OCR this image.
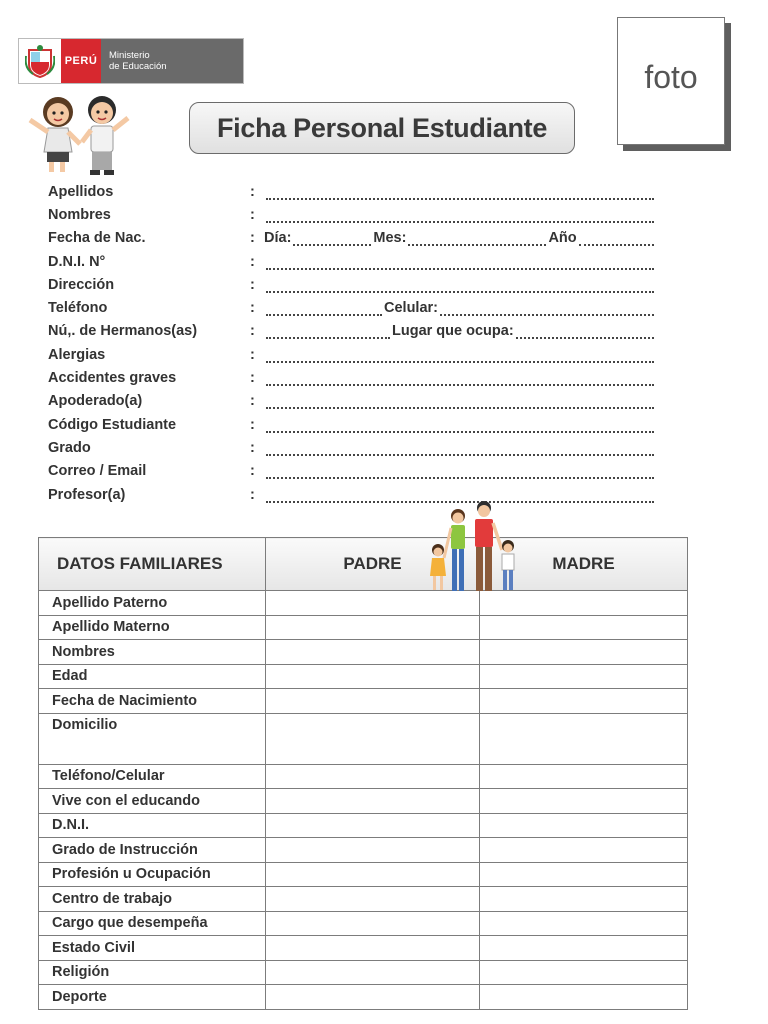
PERÚ	Ministerio
de Educación
Ficha Personal Estudiante
foto
Apellidos	:
Nombres	:
Fecha de Nac.	: Día:	Mes:	Año
D.N.I. N°	:
Dirección	:
Teléfono	:	Celular:
Nú,. de Hermanos(as)	:	Lugar que ocupa:
Alergias	:
Accidentes graves	:
Apoderado(a)	:
Código Estudiante	:
Grado	:
Correo / Email	:
Profesor(a)	:
DATOS FAMILIARES	PADRE	MADRE
Apellido Paterno		
Apellido Materno		
Nombres		
Edad		
Fecha de Nacimiento		
Domicilio		
Teléfono/Celular		
Vive con el educando		
D.N.I.		
Grado de Instrucción		
Profesión u Ocupación		
Centro de trabajo		
Cargo que desempeña		
Estado Civil		
Religión		
Deporte		
